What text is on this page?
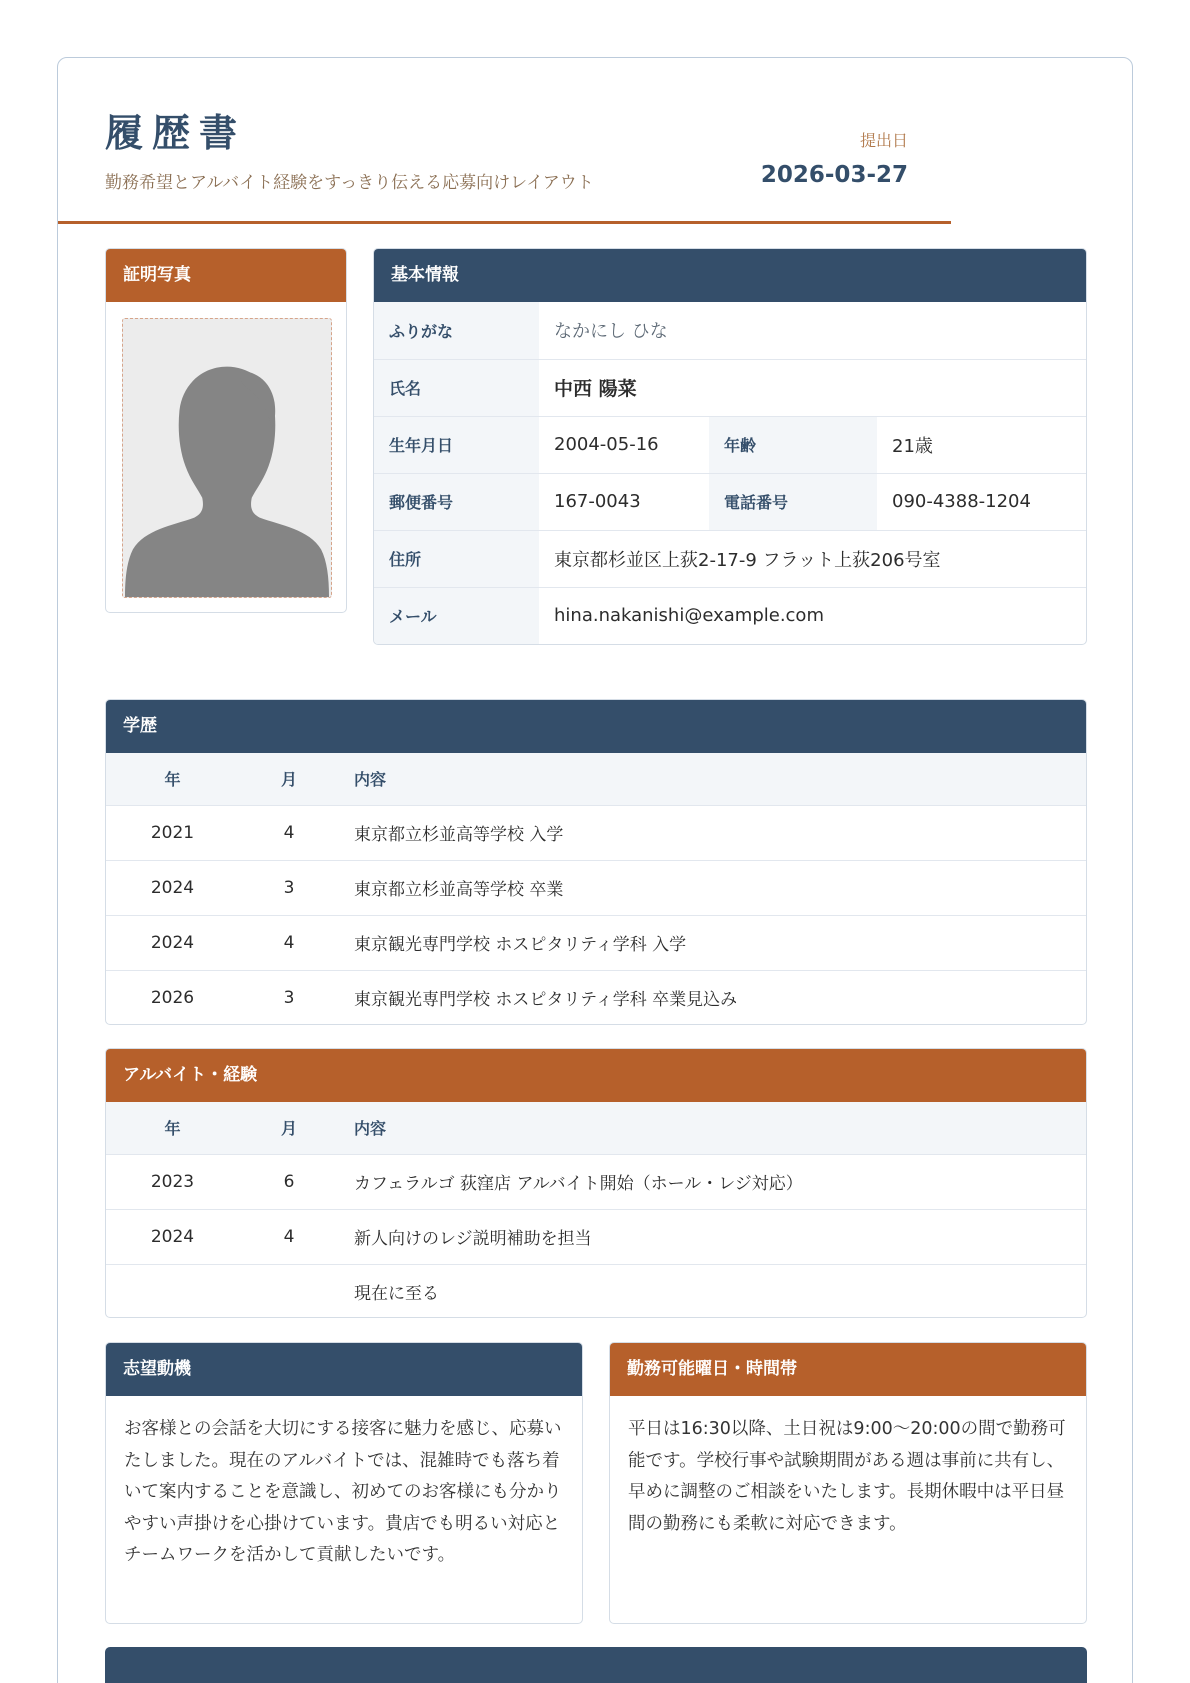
履歴書
勤務希望とアルバイト経験をすっきり伝える応募向けレイアウト
提出日
2026-03-27
証明写真	基本情報
ふりがな	なかにし ひな		
氏名	中西 陽菜		
生年月日	2004-05-16	年齢	21歳
郵便番号	167-0043	電話番号	090-4388-1204
住所	東京都杉並区上荻2-17-9 フラット上荻206号室		
メール	hina.nakanishi@example.com		
学歴
年	月	内容
2021	4	東京都立杉並高等学校 入学
2024	3	東京都立杉並高等学校 卒業
2024	4	東京観光専門学校 ホスピタリティ学科 入学
2026	3	東京観光専門学校 ホスピタリティ学科 卒業見込み
アルバイト・経験
年	月	内容
2023	6	カフェラルゴ 荻窪店 アルバイト開始（ホール・レジ対応）
2024	4	新人向けのレジ説明補助を担当
		現在に至る
志望動機
お客様との会話を大切にする接客に魅力を感じ、応募いたしました。現在のアルバイトでは、混雑時でも落ち着いて案内することを意識し、初めてのお客様にも分かりやすい声掛けを心掛けています。貴店でも明るい対応とチームワークを活かして貢献したいです。
勤務可能曜日・時間帯
平日は16:30以降、土日祝は9:00〜20:00の間で勤務可能です。学校行事や試験期間がある週は事前に共有し、早めに調整のご相談をいたします。長期休暇中は平日昼間の勤務にも柔軟に対応できます。
